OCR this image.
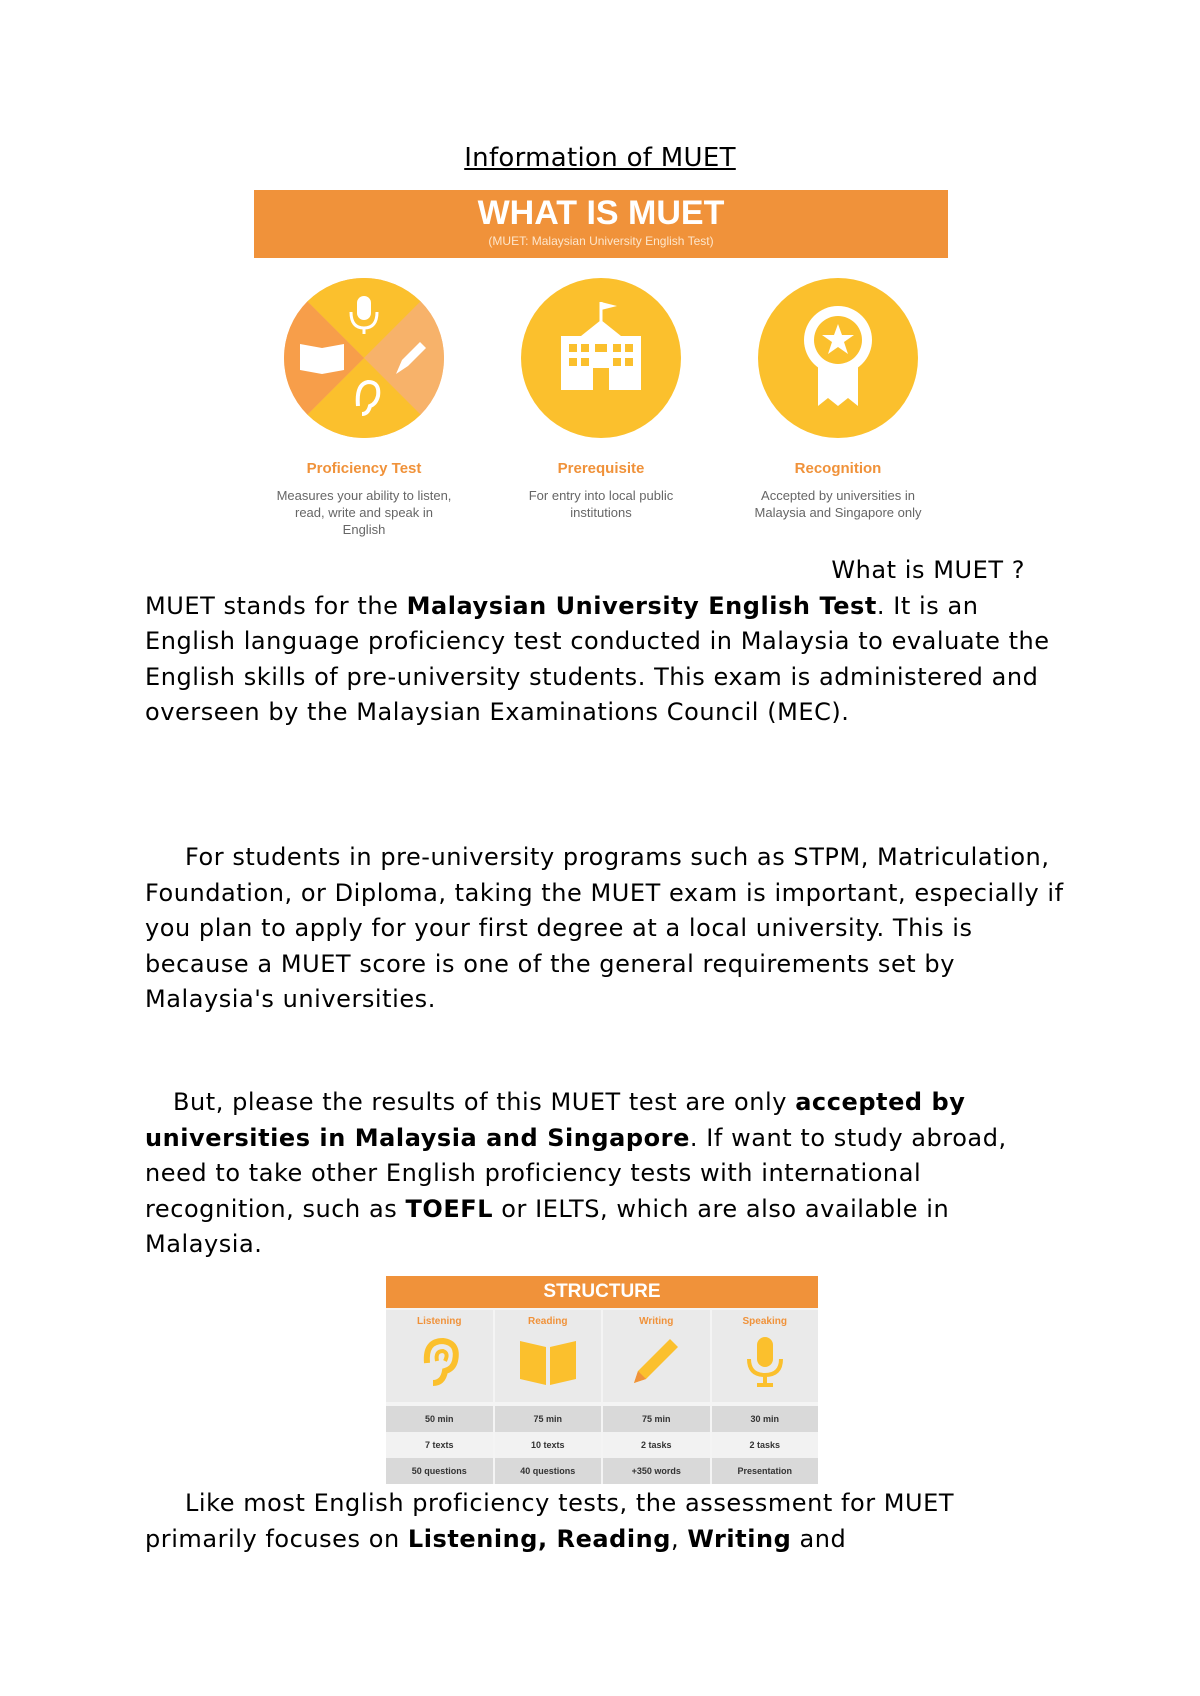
Information of MUET
WHAT IS MUET
(MUET: Malaysian University English Test)
Proficiency Test
Measures your ability to listen, read, write and speak in English
Prerequisite
For entry into local public institutions
Recognition
Accepted by universities in Malaysia and Singapore only
What is MUET ?
MUET stands for the Malaysian University English Test. It is an English language proficiency test conducted in Malaysia to evaluate the English skills of pre-university students. This exam is administered and overseen by the Malaysian Examinations Council (MEC).
For students in pre-university programs such as STPM, Matriculation, Foundation, or Diploma, taking the MUET exam is important, especially if you plan to apply for your first degree at a local university. This is because a MUET score is one of the general requirements set by Malaysia's universities.
But, please the results of this MUET test are only accepted by universities in Malaysia and Singapore. If want to study abroad, need to take other English proficiency tests with international recognition, such as TOEFL or IELTS, which are also available in Malaysia.
STRUCTURE
Listening	Reading	Writing	Speaking
50 min	75 min	75 min	30 min
7 texts	10 texts	2 tasks	2 tasks
50 questions	40 questions	+350 words	Presentation
Like most English proficiency tests, the assessment for MUET primarily focuses on Listening, Reading, Writing and
